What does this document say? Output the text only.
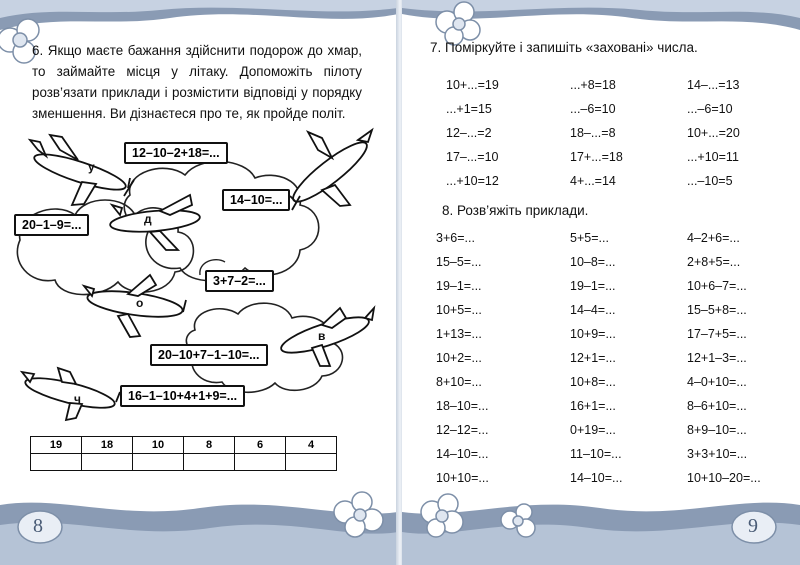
6. Якщо маєте бажання здійснити подорож до хмар, то займайте місця у літаку. Допоможіть пілоту розв’язати приклади і розмістити відповіді у порядку зменшення. Ви дізнаєтеся про те, як пройде політ.
у
д
о
в
ч
12–10–2+18=...
14–10=...
20–1–9=...
3+7–2=...
20–10+7–1–10=...
16–1–10+4+1+9=...
19	18	10	8	6	4

8
7. Поміркуйте і запишіть «заховані» числа.
10+...=19	...+8=18	14–...=13
...+1=15	...–6=10	...–6=10
12–...=2	18–...=8	10+...=20
17–...=10	17+...=18	...+10=11
...+10=12	4+...=14	...–10=5
8. Розв’яжіть приклади.
3+6=...	5+5=...	4–2+6=...
15–5=...	10–8=...	2+8+5=...
19–1=...	19–1=...	10+6–7=...
10+5=...	14–4=...	15–5+8=...
1+13=...	10+9=...	17–7+5=...
10+2=...	12+1=...	12+1–3=...
8+10=...	10+8=...	4–0+10=...
18–10=...	16+1=...	8–6+10=...
12–12=...	0+19=...	8+9–10=...
14–10=...	11–10=...	3+3+10=...
10+10=...	14–10=...	10+10–20=...
9
